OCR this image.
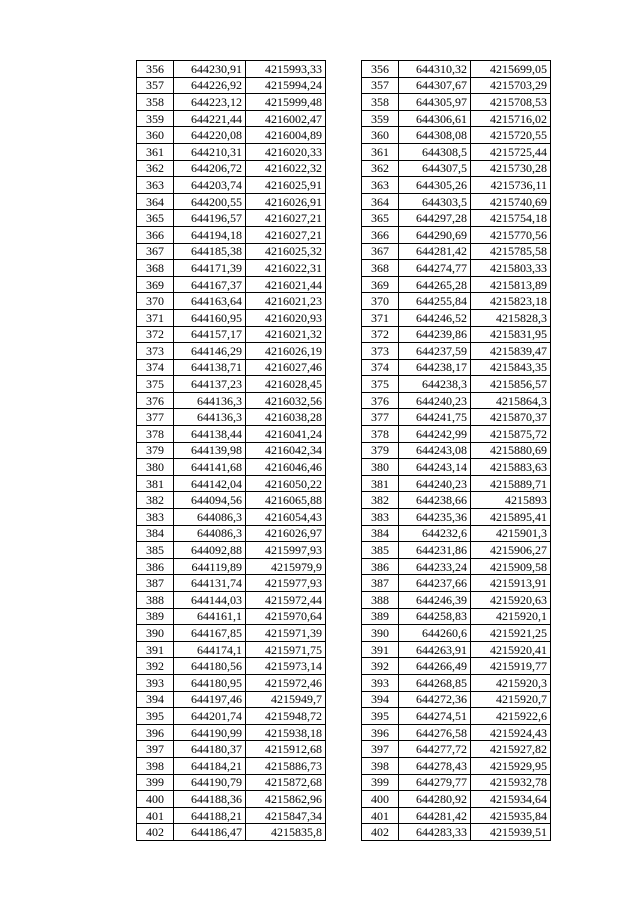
356	644230,91	4215993,33
357	644226,92	4215994,24
358	644223,12	4215999,48
359	644221,44	4216002,47
360	644220,08	4216004,89
361	644210,31	4216020,33
362	644206,72	4216022,32
363	644203,74	4216025,91
364	644200,55	4216026,91
365	644196,57	4216027,21
366	644194,18	4216027,21
367	644185,38	4216025,32
368	644171,39	4216022,31
369	644167,37	4216021,44
370	644163,64	4216021,23
371	644160,95	4216020,93
372	644157,17	4216021,32
373	644146,29	4216026,19
374	644138,71	4216027,46
375	644137,23	4216028,45
376	644136,3	4216032,56
377	644136,3	4216038,28
378	644138,44	4216041,24
379	644139,98	4216042,34
380	644141,68	4216046,46
381	644142,04	4216050,22
382	644094,56	4216065,88
383	644086,3	4216054,43
384	644086,3	4216026,97
385	644092,88	4215997,93
386	644119,89	4215979,9
387	644131,74	4215977,93
388	644144,03	4215972,44
389	644161,1	4215970,64
390	644167,85	4215971,39
391	644174,1	4215971,75
392	644180,56	4215973,14
393	644180,95	4215972,46
394	644197,46	4215949,7
395	644201,74	4215948,72
396	644190,99	4215938,18
397	644180,37	4215912,68
398	644184,21	4215886,73
399	644190,79	4215872,68
400	644188,36	4215862,96
401	644188,21	4215847,34
402	644186,47	4215835,8
356	644310,32	4215699,05
357	644307,67	4215703,29
358	644305,97	4215708,53
359	644306,61	4215716,02
360	644308,08	4215720,55
361	644308,5	4215725,44
362	644307,5	4215730,28
363	644305,26	4215736,11
364	644303,5	4215740,69
365	644297,28	4215754,18
366	644290,69	4215770,56
367	644281,42	4215785,58
368	644274,77	4215803,33
369	644265,28	4215813,89
370	644255,84	4215823,18
371	644246,52	4215828,3
372	644239,86	4215831,95
373	644237,59	4215839,47
374	644238,17	4215843,35
375	644238,3	4215856,57
376	644240,23	4215864,3
377	644241,75	4215870,37
378	644242,99	4215875,72
379	644243,08	4215880,69
380	644243,14	4215883,63
381	644240,23	4215889,71
382	644238,66	4215893
383	644235,36	4215895,41
384	644232,6	4215901,3
385	644231,86	4215906,27
386	644233,24	4215909,58
387	644237,66	4215913,91
388	644246,39	4215920,63
389	644258,83	4215920,1
390	644260,6	4215921,25
391	644263,91	4215920,41
392	644266,49	4215919,77
393	644268,85	4215920,3
394	644272,36	4215920,7
395	644274,51	4215922,6
396	644276,58	4215924,43
397	644277,72	4215927,82
398	644278,43	4215929,95
399	644279,77	4215932,78
400	644280,92	4215934,64
401	644281,42	4215935,84
402	644283,33	4215939,51
